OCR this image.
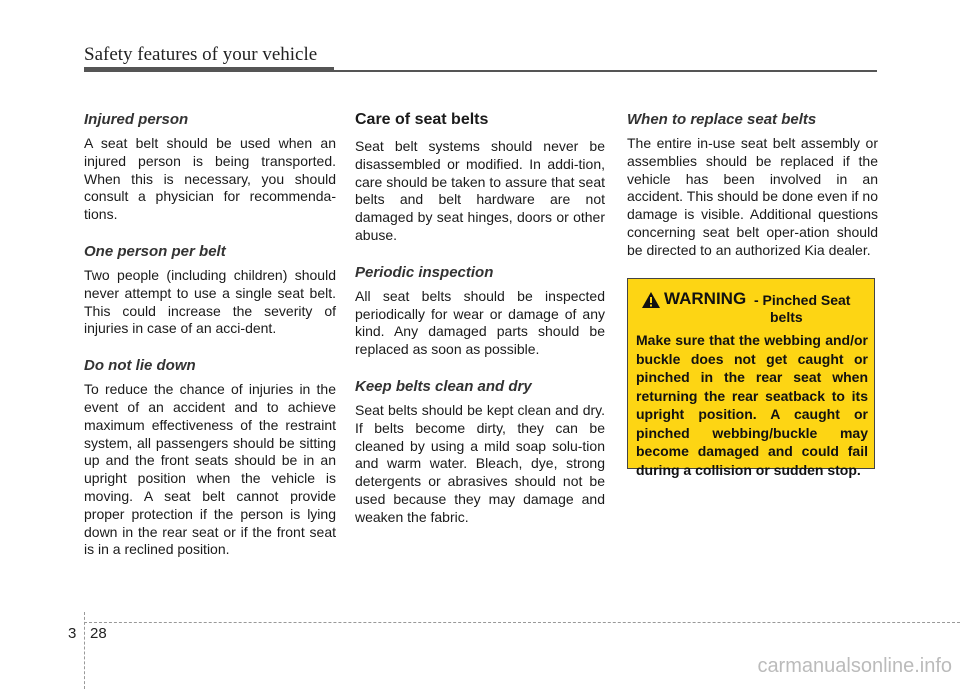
Safety features of your vehicle
Injured person

A seat belt should be used when an injured person is being transported. When this is necessary, you should consult a physician for recommenda-tions.

One person per belt

Two people (including children) should never attempt to use a single seat belt. This could increase the severity of injuries in case of an acci-dent.

Do not lie down

To reduce the chance of injuries in the event of an accident and to achieve maximum effectiveness of the restraint system, all passengers should be sitting up and the front seats should be in an upright position when the vehicle is moving. A seat belt cannot provide proper protection if the person is lying down in the rear seat or if the front seat is in a reclined position.

Care of seat belts

Seat belt systems should never be disassembled or modified. In addi-tion, care should be taken to assure that seat belts and belt hardware are not damaged by seat hinges, doors or other abuse.

Periodic inspection

All seat belts should be inspected periodically for wear or damage of any kind. Any damaged parts should be replaced as soon as possible.

Keep belts clean and dry

Seat belts should be kept clean and dry. If belts become dirty, they can be cleaned by using a mild soap solu-tion and warm water. Bleach, dye, strong detergents or abrasives should not be used because they may damage and weaken the fabric.

When to replace seat belts

The entire in-use seat belt assembly or assemblies should be replaced if the vehicle has been involved in an accident. This should be done even if no damage is visible. Additional questions concerning seat belt oper-ation should be directed to an authorized Kia dealer.

WARNING - Pinched Seat
belts

Make sure that the webbing and/or buckle does not get caught or pinched in the rear seat when returning the rear seatback to its upright position. A caught or pinched webbing/buckle may become damaged and could fail during a collision or sudden stop.

3 28
carmanualsonline.info
